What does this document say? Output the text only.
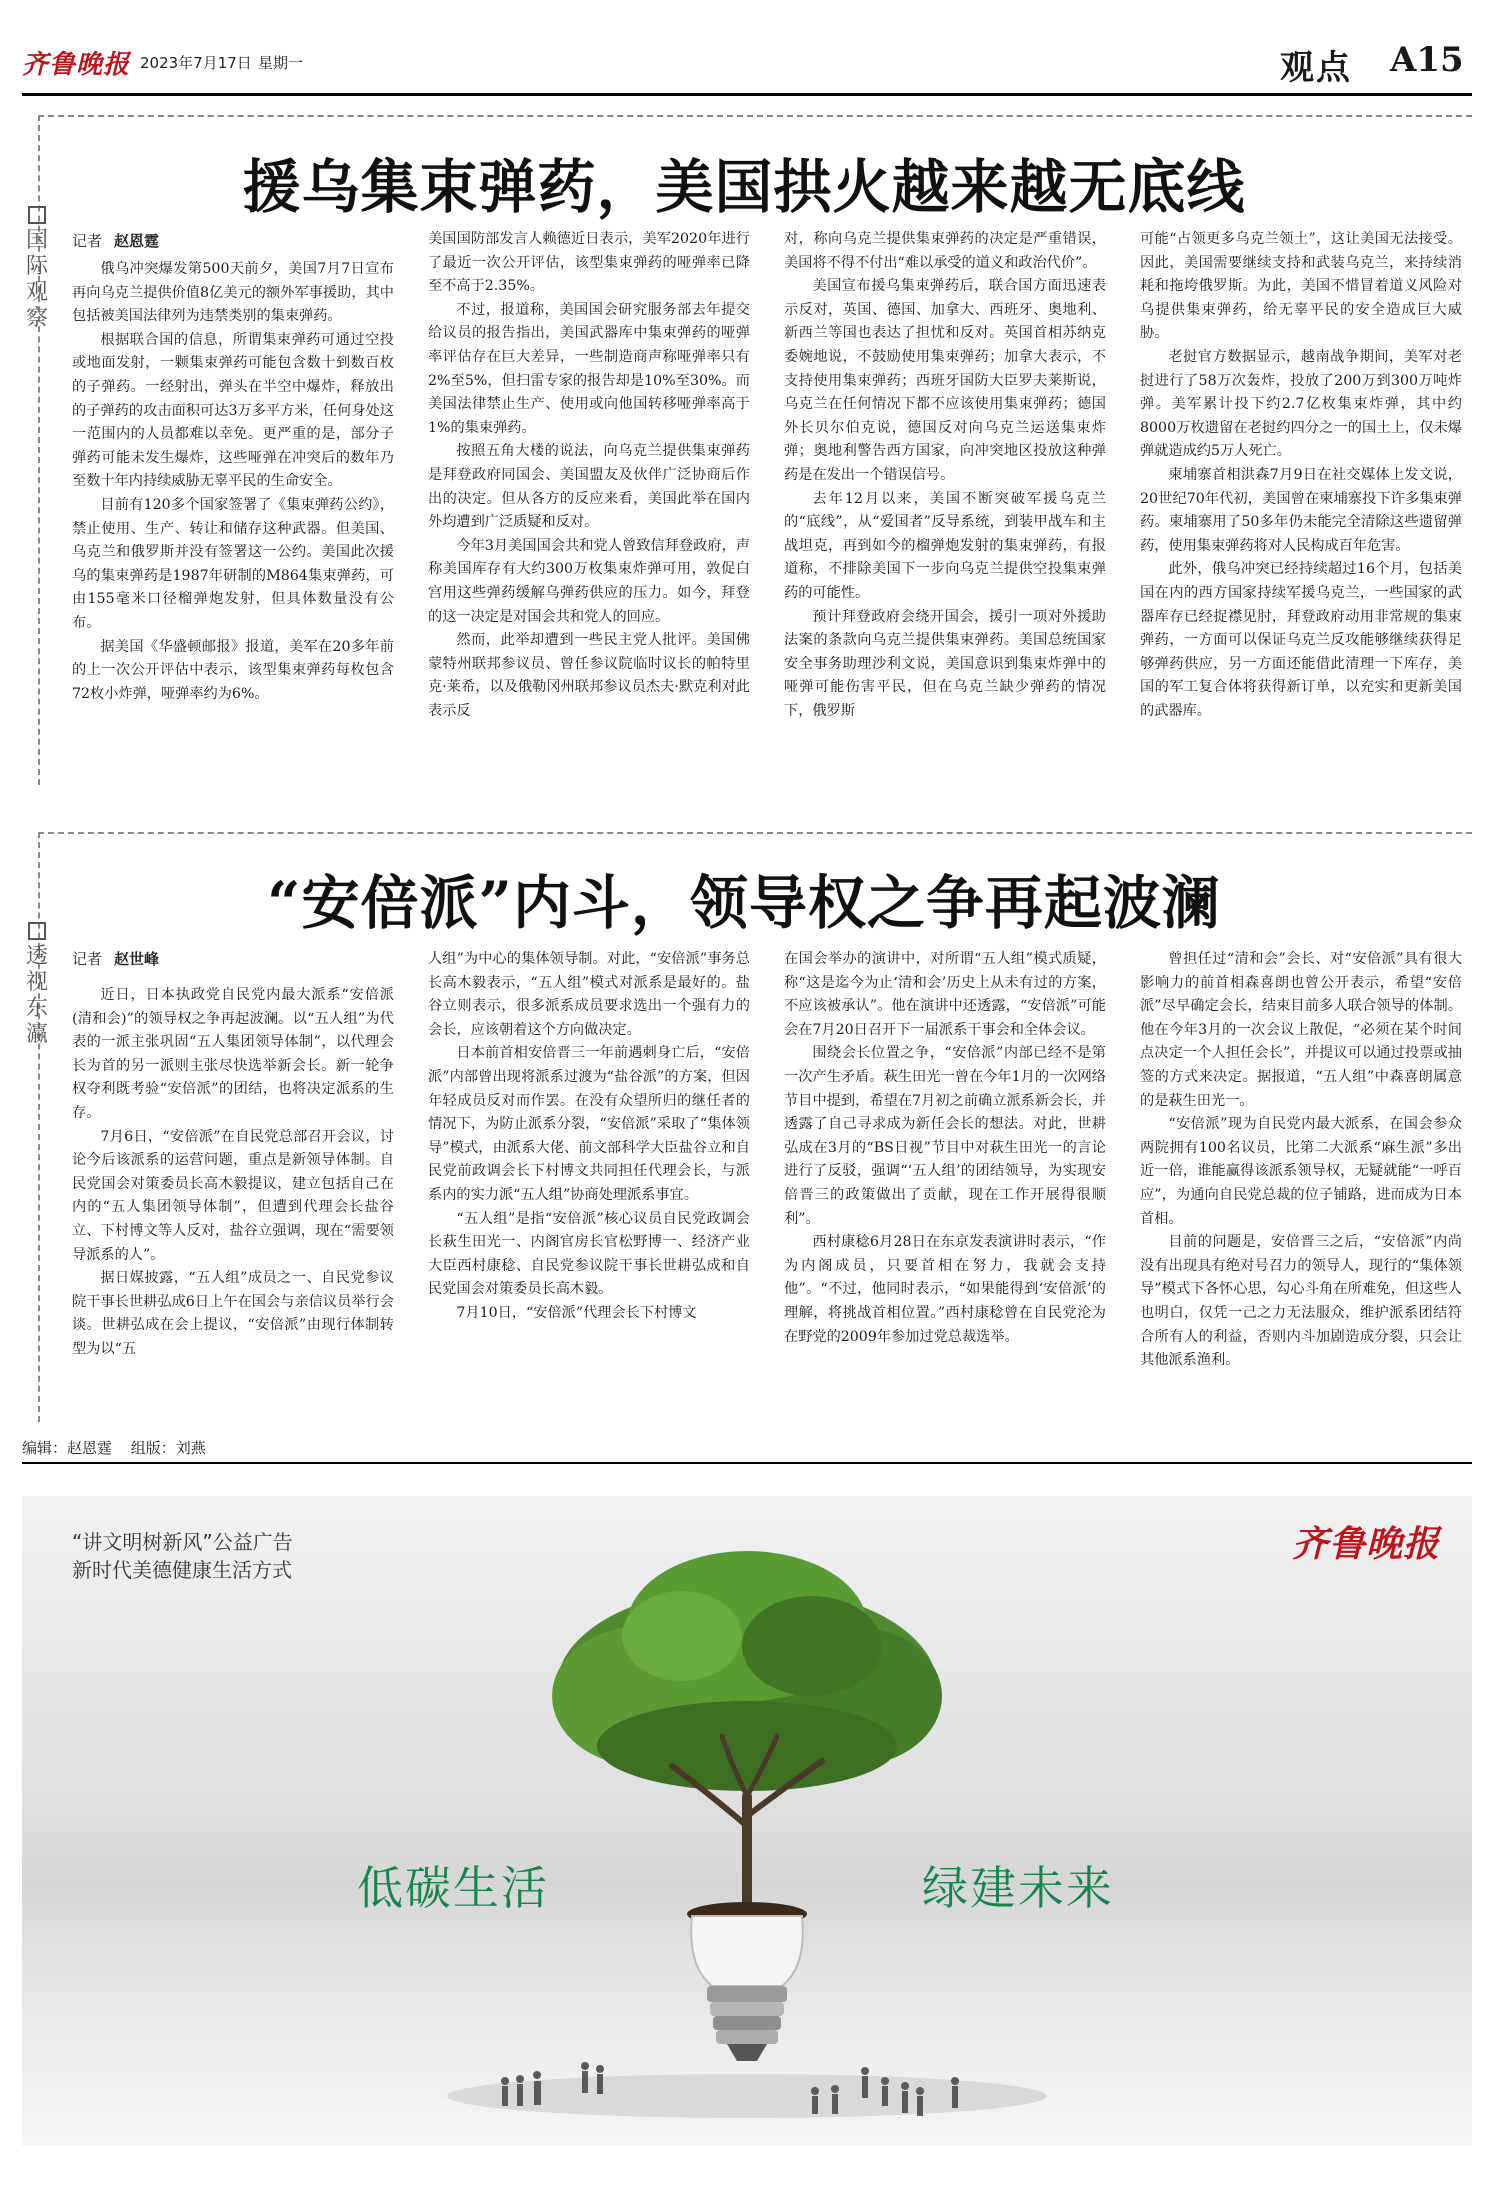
齐鲁晚报 2023年7月17日 星期一	观点 A15
援乌集束弹药，美国拱火越来越无底线
国
际
观
察
记者 赵恩霆

俄乌冲突爆发第500天前夕，美国7月7日宣布再向乌克兰提供价值8亿美元的额外军事援助，其中包括被美国法律列为违禁类别的集束弹药。

根据联合国的信息，所谓集束弹药可通过空投或地面发射，一颗集束弹药可能包含数十到数百枚的子弹药。一经射出，弹头在半空中爆炸，释放出的子弹药的攻击面积可达3万多平方米，任何身处这一范围内的人员都难以幸免。更严重的是，部分子弹药可能未发生爆炸，这些哑弹在冲突后的数年乃至数十年内持续威胁无辜平民的生命安全。

目前有120多个国家签署了《集束弹药公约》，禁止使用、生产、转让和储存这种武器。但美国、乌克兰和俄罗斯并没有签署这一公约。美国此次援乌的集束弹药是1987年研制的M864集束弹药，可由155毫米口径榴弹炮发射，但具体数量没有公布。

据美国《华盛顿邮报》报道，美军在20多年前的上一次公开评估中表示，该型集束弹药每枚包含72枚小炸弹，哑弹率约为6%。

美国国防部发言人赖德近日表示，美军2020年进行了最近一次公开评估，该型集束弹药的哑弹率已降至不高于2.35%。

不过，报道称，美国国会研究服务部去年提交给议员的报告指出，美国武器库中集束弹药的哑弹率评估存在巨大差异，一些制造商声称哑弹率只有2%至5%，但扫雷专家的报告却是10%至30%。而美国法律禁止生产、使用或向他国转移哑弹率高于1%的集束弹药。

按照五角大楼的说法，向乌克兰提供集束弹药是拜登政府同国会、美国盟友及伙伴广泛协商后作出的决定。但从各方的反应来看，美国此举在国内外均遭到广泛质疑和反对。

今年3月美国国会共和党人曾致信拜登政府，声称美国库存有大约300万枚集束炸弹可用，敦促白宫用这些弹药缓解乌弹药供应的压力。如今，拜登的这一决定是对国会共和党人的回应。

然而，此举却遭到一些民主党人批评。美国佛蒙特州联邦参议员、曾任参议院临时议长的帕特里克·莱希，以及俄勒冈州联邦参议员杰夫·默克利对此表示反

对，称向乌克兰提供集束弹药的决定是严重错误，美国将不得不付出“难以承受的道义和政治代价”。

美国宣布援乌集束弹药后，联合国方面迅速表示反对，英国、德国、加拿大、西班牙、奥地利、新西兰等国也表达了担忧和反对。英国首相苏纳克委婉地说，不鼓励使用集束弹药；加拿大表示，不支持使用集束弹药；西班牙国防大臣罗夫莱斯说，乌克兰在任何情况下都不应该使用集束弹药；德国外长贝尔伯克说，德国反对向乌克兰运送集束炸弹；奥地利警告西方国家，向冲突地区投放这种弹药是在发出一个错误信号。

去年12月以来，美国不断突破军援乌克兰的“底线”，从“爱国者”反导系统，到装甲战车和主战坦克，再到如今的榴弹炮发射的集束弹药，有报道称，不排除美国下一步向乌克兰提供空投集束弹药的可能性。

预计拜登政府会绕开国会，援引一项对外援助法案的条款向乌克兰提供集束弹药。美国总统国家安全事务助理沙利文说，美国意识到集束炸弹中的哑弹可能伤害平民，但在乌克兰缺少弹药的情况下，俄罗斯

可能“占领更多乌克兰领土”，这让美国无法接受。因此，美国需要继续支持和武装乌克兰，来持续消耗和拖垮俄罗斯。为此，美国不惜冒着道义风险对乌提供集束弹药，给无辜平民的安全造成巨大威胁。

老挝官方数据显示，越南战争期间，美军对老挝进行了58万次轰炸，投放了200万到300万吨炸弹。美军累计投下约2.7亿枚集束炸弹，其中约8000万枚遗留在老挝约四分之一的国土上，仅未爆弹就造成约5万人死亡。

柬埔寨首相洪森7月9日在社交媒体上发文说，20世纪70年代初，美国曾在柬埔寨投下许多集束弹药。柬埔寨用了50多年仍未能完全清除这些遗留弹药，使用集束弹药将对人民构成百年危害。

此外，俄乌冲突已经持续超过16个月，包括美国在内的西方国家持续军援乌克兰，一些国家的武器库存已经捉襟见肘，拜登政府动用非常规的集束弹药，一方面可以保证乌克兰反攻能够继续获得足够弹药供应，另一方面还能借此清理一下库存，美国的军工复合体将获得新订单，以充实和更新美国的武器库。

“安倍派”内斗，领导权之争再起波澜
透
视
东
瀛
记者 赵世峰

近日，日本执政党自民党内最大派系“安倍派(清和会)”的领导权之争再起波澜。以“五人组”为代表的一派主张巩固“五人集团领导体制”，以代理会长为首的另一派则主张尽快选举新会长。新一轮争权夺利既考验“安倍派”的团结，也将决定派系的生存。

7月6日，“安倍派”在自民党总部召开会议，讨论今后该派系的运营问题，重点是新领导体制。自民党国会对策委员长高木毅提议，建立包括自己在内的“五人集团领导体制”，但遭到代理会长盐谷立、下村博文等人反对，盐谷立强调，现在“需要领导派系的人”。

据日媒披露，“五人组”成员之一、自民党参议院干事长世耕弘成6日上午在国会与亲信议员举行会谈。世耕弘成在会上提议，“安倍派”由现行体制转型为以“五

人组”为中心的集体领导制。对此，“安倍派”事务总长高木毅表示，“五人组”模式对派系是最好的。盐谷立则表示，很多派系成员要求选出一个强有力的会长，应该朝着这个方向做决定。

日本前首相安倍晋三一年前遇刺身亡后，“安倍派”内部曾出现将派系过渡为“盐谷派”的方案，但因年轻成员反对而作罢。在没有众望所归的继任者的情况下，为防止派系分裂，“安倍派”采取了“集体领导”模式，由派系大佬、前文部科学大臣盐谷立和自民党前政调会长下村博文共同担任代理会长，与派系内的实力派“五人组”协商处理派系事宜。

“五人组”是指“安倍派”核心议员自民党政调会长萩生田光一、内阁官房长官松野博一、经济产业大臣西村康稔、自民党参议院干事长世耕弘成和自民党国会对策委员长高木毅。

7月10日，“安倍派”代理会长下村博文

在国会举办的演讲中，对所谓“五人组”模式质疑，称“这是迄今为止‘清和会’历史上从未有过的方案，不应该被承认”。他在演讲中还透露，“安倍派”可能会在7月20日召开下一届派系干事会和全体会议。

围绕会长位置之争，“安倍派”内部已经不是第一次产生矛盾。萩生田光一曾在今年1月的一次网络节目中提到，希望在7月初之前确立派系新会长，并透露了自己寻求成为新任会长的想法。对此，世耕弘成在3月的“BS日视”节目中对萩生田光一的言论进行了反驳，强调“‘五人组’的团结领导，为实现安倍晋三的政策做出了贡献，现在工作开展得很顺利”。

西村康稔6月28日在东京发表演讲时表示，“作为内阁成员，只要首相在努力，我就会支持他”。“不过，他同时表示，“如果能得到‘安倍派’的理解，将挑战首相位置。”西村康稔曾在自民党沦为在野党的2009年参加过党总裁选举。

曾担任过“清和会”会长、对“安倍派”具有很大影响力的前首相森喜朗也曾公开表示，希望“安倍派”尽早确定会长，结束目前多人联合领导的体制。他在今年3月的一次会议上散促，“必须在某个时间点决定一个人担任会长”，并提议可以通过投票或抽签的方式来决定。据报道，“五人组”中森喜朗属意的是萩生田光一。

“安倍派”现为自民党内最大派系，在国会参众两院拥有100名议员，比第二大派系“麻生派”多出近一倍，谁能赢得该派系领导权，无疑就能“一呼百应”，为通向自民党总裁的位子铺路，进而成为日本首相。

目前的问题是，安倍晋三之后，“安倍派”内尚没有出现具有绝对号召力的领导人，现行的“集体领导”模式下各怀心思，勾心斗角在所难免，但这些人也明白，仅凭一己之力无法服众，维护派系团结符合所有人的利益，否则内斗加剧造成分裂，只会让其他派系渔利。

编辑：赵恩霆 组版：刘燕
“讲文明树新风”公益广告
新时代美德健康生活方式
齐鲁晚报
低碳生活	绿建未来
